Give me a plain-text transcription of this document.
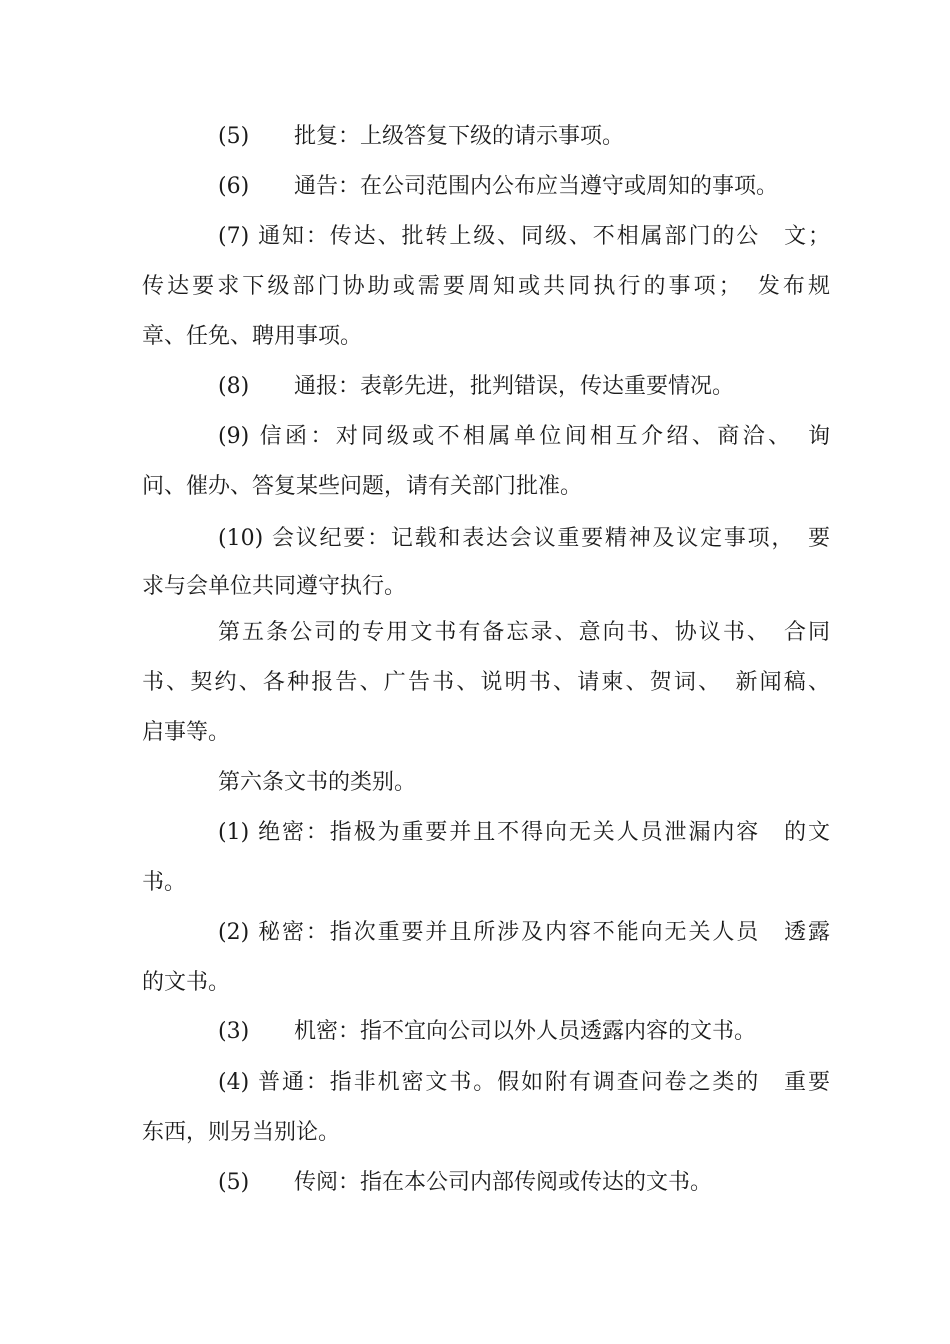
(5) 批复：上级答复下级的请示事项。
(6) 通告：在公司范围内公布应当遵守或周知的事项。
(7) 通知：传达、批转上级、同级、不相属部门的公　文；
传达要求下级部门协助或需要周知或共同执行的事项；　发布规
章、任免、聘用事项。
(8) 通报：表彰先进，批判错误，传达重要情况。
(9) 信函：对同级或不相属单位间相互介绍、商洽、　询
问、催办、答复某些问题，请有关部门批准。
(10) 会议纪要：记载和表达会议重要精神及议定事项，　要
求与会单位共同遵守执行。
第五条公司的专用文书有备忘录、意向书、协议书、　合同
书、契约、各种报告、广告书、说明书、请柬、贺词、　新闻稿、
启事等。
第六条文书的类别。
(1) 绝密：指极为重要并且不得向无关人员泄漏内容　的文
书。
(2) 秘密：指次重要并且所涉及内容不能向无关人员　透露
的文书。
(3) 机密：指不宜向公司以外人员透露内容的文书。
(4) 普通：指非机密文书。假如附有调查问卷之类的　重要
东西，则另当别论。
(5) 传阅：指在本公司内部传阅或传达的文书。
